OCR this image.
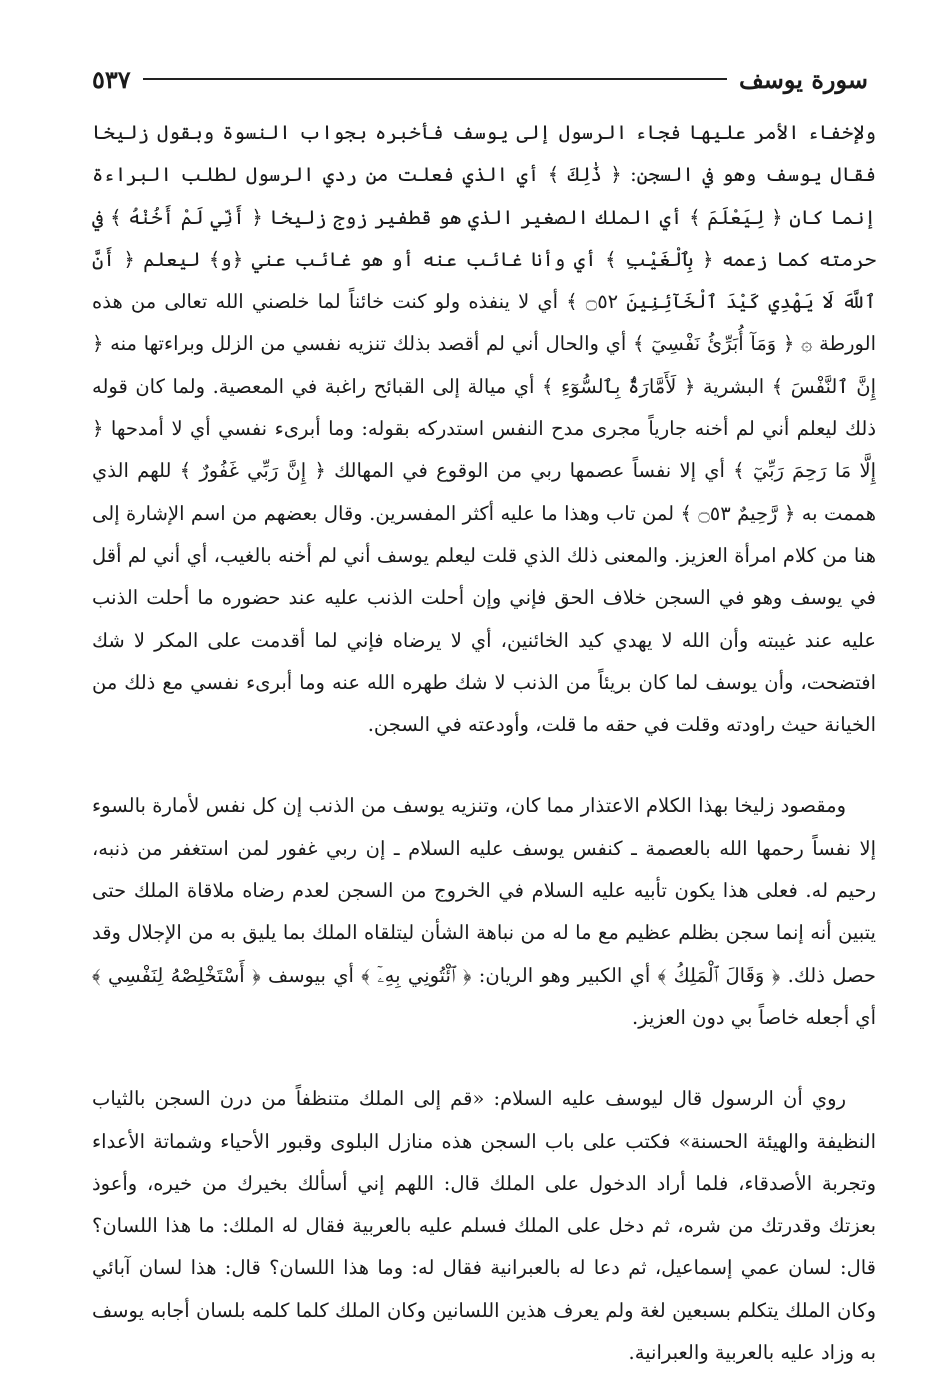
سورة يوسف
٥٣٧

ولإخفاء الأمر عليها فجاء الرسول إلى يوسف فأخبره بجواب النسوة وبقول زليخا فقال يوسف وهو في السجن: ﴿ ذَٰلِكَ ﴾ أي الذي فعلت من ردي الرسول لطلب البراءة إنما كان ﴿ لِيَعْلَمَ ﴾ أي الملك الصغير الذي هو قطفير زوج زليخا ﴿ أَنِّي لَمْ أَخُنْهُ ﴾ في حرمته كما زعمه ﴿ بِٱلْغَيْبِ ﴾ أي وأنا غائب عنه أو هو غائب عني ﴿و﴾ ليعلم ﴿ أَنَّ ٱللَّهَ لَا يَهْدِي كَيْدَ ٱلْخَآئِنِينَ ۝٥٢ ﴾ أي لا ينفذه ولو كنت خائناً لما خلصني الله تعالى من هذه الورطة ۞ ﴿ وَمَآ أُبَرِّئُ نَفْسِيٓ ﴾ أي والحال أني لم أقصد بذلك تنزيه نفسي من الزلل وبراءتها منه ﴿ إِنَّ ٱلنَّفْسَ ﴾ البشرية ﴿ لَأَمَّارَةٌۢ بِٱلسُّوٓءِ ﴾ أي ميالة إلى القبائح راغبة في المعصية. ولما كان قوله ذلك ليعلم أني لم أخنه جارياً مجرى مدح النفس استدركه بقوله: وما أبرىء نفسي أي لا أمدحها ﴿ إِلَّا مَا رَحِمَ رَبِّيٓ ﴾ أي إلا نفساً عصمها ربي من الوقوع في المهالك ﴿ إِنَّ رَبِّي غَفُورٌ ﴾ للهم الذي هممت به ﴿ رَّحِيمٌ ۝٥٣ ﴾ لمن تاب وهذا ما عليه أكثر المفسرين. وقال بعضهم من اسم الإشارة إلى هنا من كلام امرأة العزيز. والمعنى ذلك الذي قلت ليعلم يوسف أني لم أخنه بالغيب، أي أني لم أقل في يوسف وهو في السجن خلاف الحق فإني وإن أحلت الذنب عليه عند حضوره ما أحلت الذنب عليه عند غيبته وأن الله لا يهدي كيد الخائنين، أي لا يرضاه فإني لما أقدمت على المكر لا شك افتضحت، وأن يوسف لما كان بريئاً من الذنب لا شك طهره الله عنه وما أبرىء نفسي مع ذلك من الخيانة حيث راودته وقلت في حقه ما قلت، وأودعته في السجن.

ومقصود زليخا بهذا الكلام الاعتذار مما كان، وتنزيه يوسف من الذنب إن كل نفس لأمارة بالسوء إلا نفساً رحمها الله بالعصمة ـ كنفس يوسف عليه السلام ـ إن ربي غفور لمن استغفر من ذنبه، رحيم له. فعلى هذا يكون تأبيه عليه السلام في الخروج من السجن لعدم رضاه ملاقاة الملك حتى يتبين أنه إنما سجن بظلم عظيم مع ما له من نباهة الشأن ليتلقاه الملك بما يليق به من الإجلال وقد حصل ذلك. ﴿ وَقَالَ ٱلْمَلِكُ ﴾ أي الكبير وهو الريان: ﴿ ٱئْتُونِي بِهِۦٓ ﴾ أي بيوسف ﴿ أَسْتَخْلِصْهُ لِنَفْسِي ﴾ أي أجعله خاصاً بي دون العزيز.

روي أن الرسول قال ليوسف عليه السلام: «قم إلى الملك متنظفاً من درن السجن بالثياب النظيفة والهيئة الحسنة» فكتب على باب السجن هذه منازل البلوى وقبور الأحياء وشماتة الأعداء وتجربة الأصدقاء، فلما أراد الدخول على الملك قال: اللهم إني أسألك بخيرك من خيره، وأعوذ بعزتك وقدرتك من شره، ثم دخل على الملك فسلم عليه بالعربية فقال له الملك: ما هذا اللسان؟ قال: لسان عمي إسماعيل، ثم دعا له بالعبرانية فقال له: وما هذا اللسان؟ قال: هذا لسان آبائي وكان الملك يتكلم بسبعين لغة ولم يعرف هذين اللسانين وكان الملك كلما كلمه بلسان أجابه يوسف به وزاد عليه بالعربية والعبرانية.
